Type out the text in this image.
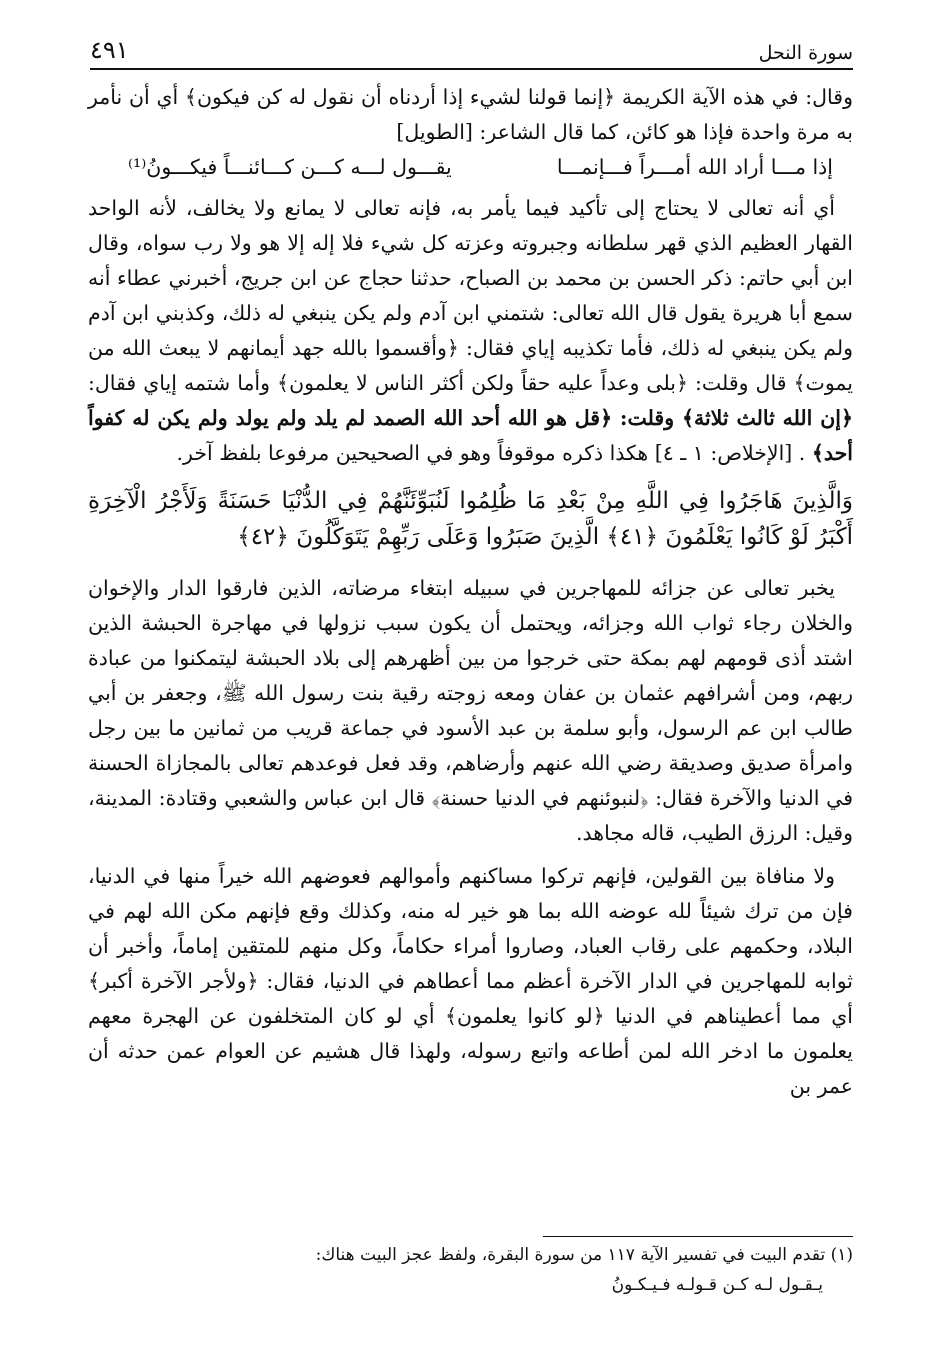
سورة النحل
٤٩١

وقال: في هذه الآية الكريمة ﴿إنما قولنا لشيء إذا أردناه أن نقول له كن فيكون﴾ أي أن نأمر به مرة واحدة فإذا هو كائن، كما قال الشاعر: [الطويل]

إذا مـــا أراد الله أمـــراً فـــإنمـــا
يقـــول لـــه كـــن كـــائنـــاً فيكـــونُ⁽¹⁾

أي أنه تعالى لا يحتاج إلى تأكيد فيما يأمر به، فإنه تعالى لا يمانع ولا يخالف، لأنه الواحد القهار العظيم الذي قهر سلطانه وجبروته وعزته كل شيء فلا إله إلا هو ولا رب سواه، وقال ابن أبي حاتم: ذكر الحسن بن محمد بن الصباح، حدثنا حجاج عن ابن جريج، أخبرني عطاء أنه سمع أبا هريرة يقول قال الله تعالى: شتمني ابن آدم ولم يكن ينبغي له ذلك، وكذبني ابن آدم ولم يكن ينبغي له ذلك، فأما تكذيبه إياي فقال: ﴿وأقسموا بالله جهد أيمانهم لا يبعث الله من يموت﴾ قال وقلت: ﴿بلى وعداً عليه حقاً ولكن أكثر الناس لا يعلمون﴾ وأما شتمه إياي فقال: ﴿إن الله ثالث ثلاثة﴾ وقلت: ﴿قل هو الله أحد الله الصمد لم يلد ولم يولد ولم يكن له كفواً أحد﴾ . [الإخلاص: ١ ـ ٤] هكذا ذكره موقوفاً وهو في الصحيحين مرفوعا بلفظ آخر.

وَالَّذِينَ هَاجَرُوا فِي اللَّهِ مِنْ بَعْدِ مَا ظُلِمُوا لَنُبَوِّئَنَّهُمْ فِي الدُّنْيَا حَسَنَةً وَلَأَجْرُ الْآخِرَةِ أَكْبَرُ لَوْ كَانُوا يَعْلَمُونَ ﴿٤١﴾ الَّذِينَ صَبَرُوا وَعَلَى رَبِّهِمْ يَتَوَكَّلُونَ ﴿٤٢﴾

يخبر تعالى عن جزائه للمهاجرين في سبيله ابتغاء مرضاته، الذين فارقوا الدار والإخوان والخلان رجاء ثواب الله وجزائه، ويحتمل أن يكون سبب نزولها في مهاجرة الحبشة الذين اشتد أذى قومهم لهم بمكة حتى خرجوا من بين أظهرهم إلى بلاد الحبشة ليتمكنوا من عبادة ربهم، ومن أشرافهم عثمان بن عفان ومعه زوجته رقية بنت رسول الله ﷺ، وجعفر بن أبي طالب ابن عم الرسول، وأبو سلمة بن عبد الأسود في جماعة قريب من ثمانين ما بين رجل وامرأة صديق وصديقة رضي الله عنهم وأرضاهم، وقد فعل فوعدهم تعالى بالمجازاة الحسنة في الدنيا والآخرة فقال: ﴿لنبوئنهم في الدنيا حسنة﴾ قال ابن عباس والشعبي وقتادة: المدينة، وقيل: الرزق الطيب، قاله مجاهد.

ولا منافاة بين القولين، فإنهم تركوا مساكنهم وأموالهم فعوضهم الله خيراً منها في الدنيا، فإن من ترك شيئاً لله عوضه الله بما هو خير له منه، وكذلك وقع فإنهم مكن الله لهم في البلاد، وحكمهم على رقاب العباد، وصاروا أمراء حكاماً، وكل منهم للمتقين إماماً، وأخبر أن ثوابه للمهاجرين في الدار الآخرة أعظم مما أعطاهم في الدنيا، فقال: ﴿ولأجر الآخرة أكبر﴾ أي مما أعطيناهم في الدنيا ﴿لو كانوا يعلمون﴾ أي لو كان المتخلفون عن الهجرة معهم يعلمون ما ادخر الله لمن أطاعه واتبع رسوله، ولهذا قال هشيم عن العوام عمن حدثه أن عمر بن

(١) تقدم البيت في تفسير الآية ١١٧ من سورة البقرة، ولفظ عجز البيت هناك:

يـقـول لـه كـن قـولـه فـيـكـونُ
